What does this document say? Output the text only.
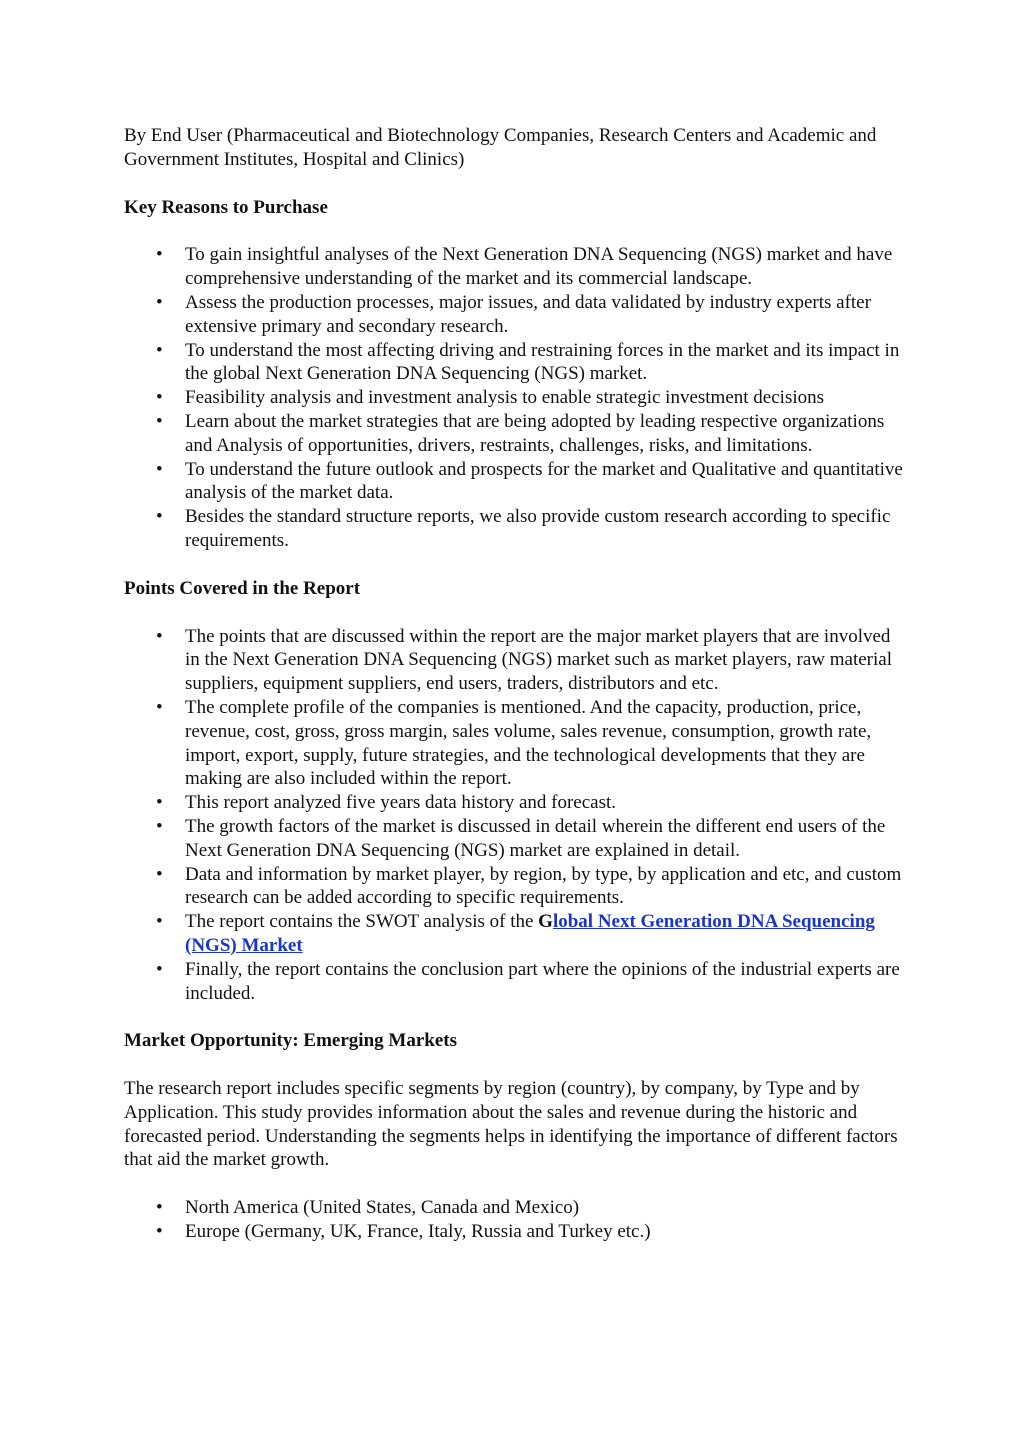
By End User (Pharmaceutical and Biotechnology Companies, Research Centers and Academic and Government Institutes, Hospital and Clinics)

Key Reasons to Purchase

• To gain insightful analyses of the Next Generation DNA Sequencing (NGS) market and have comprehensive understanding of the market and its commercial landscape.
• Assess the production processes, major issues, and data validated by industry experts after extensive primary and secondary research.
• To understand the most affecting driving and restraining forces in the market and its impact in the global Next Generation DNA Sequencing (NGS) market.
• Feasibility analysis and investment analysis to enable strategic investment decisions
• Learn about the market strategies that are being adopted by leading respective organizations and Analysis of opportunities, drivers, restraints, challenges, risks, and limitations.
• To understand the future outlook and prospects for the market and Qualitative and quantitative analysis of the market data.
• Besides the standard structure reports, we also provide custom research according to specific requirements.

Points Covered in the Report

• The points that are discussed within the report are the major market players that are involved in the Next Generation DNA Sequencing (NGS) market such as market players, raw material suppliers, equipment suppliers, end users, traders, distributors and etc.
• The complete profile of the companies is mentioned. And the capacity, production, price, revenue, cost, gross, gross margin, sales volume, sales revenue, consumption, growth rate, import, export, supply, future strategies, and the technological developments that they are making are also included within the report.
• This report analyzed five years data history and forecast.
• The growth factors of the market is discussed in detail wherein the different end users of the Next Generation DNA Sequencing (NGS) market are explained in detail.
• Data and information by market player, by region, by type, by application and etc, and custom research can be added according to specific requirements.
• The report contains the SWOT analysis of the Global Next Generation DNA Sequencing (NGS) Market
• Finally, the report contains the conclusion part where the opinions of the industrial experts are included.

Market Opportunity: Emerging Markets

The research report includes specific segments by region (country), by company, by Type and by Application. This study provides information about the sales and revenue during the historic and forecasted period. Understanding the segments helps in identifying the importance of different factors that aid the market growth.

• North America (United States, Canada and Mexico)
• Europe (Germany, UK, France, Italy, Russia and Turkey etc.)
